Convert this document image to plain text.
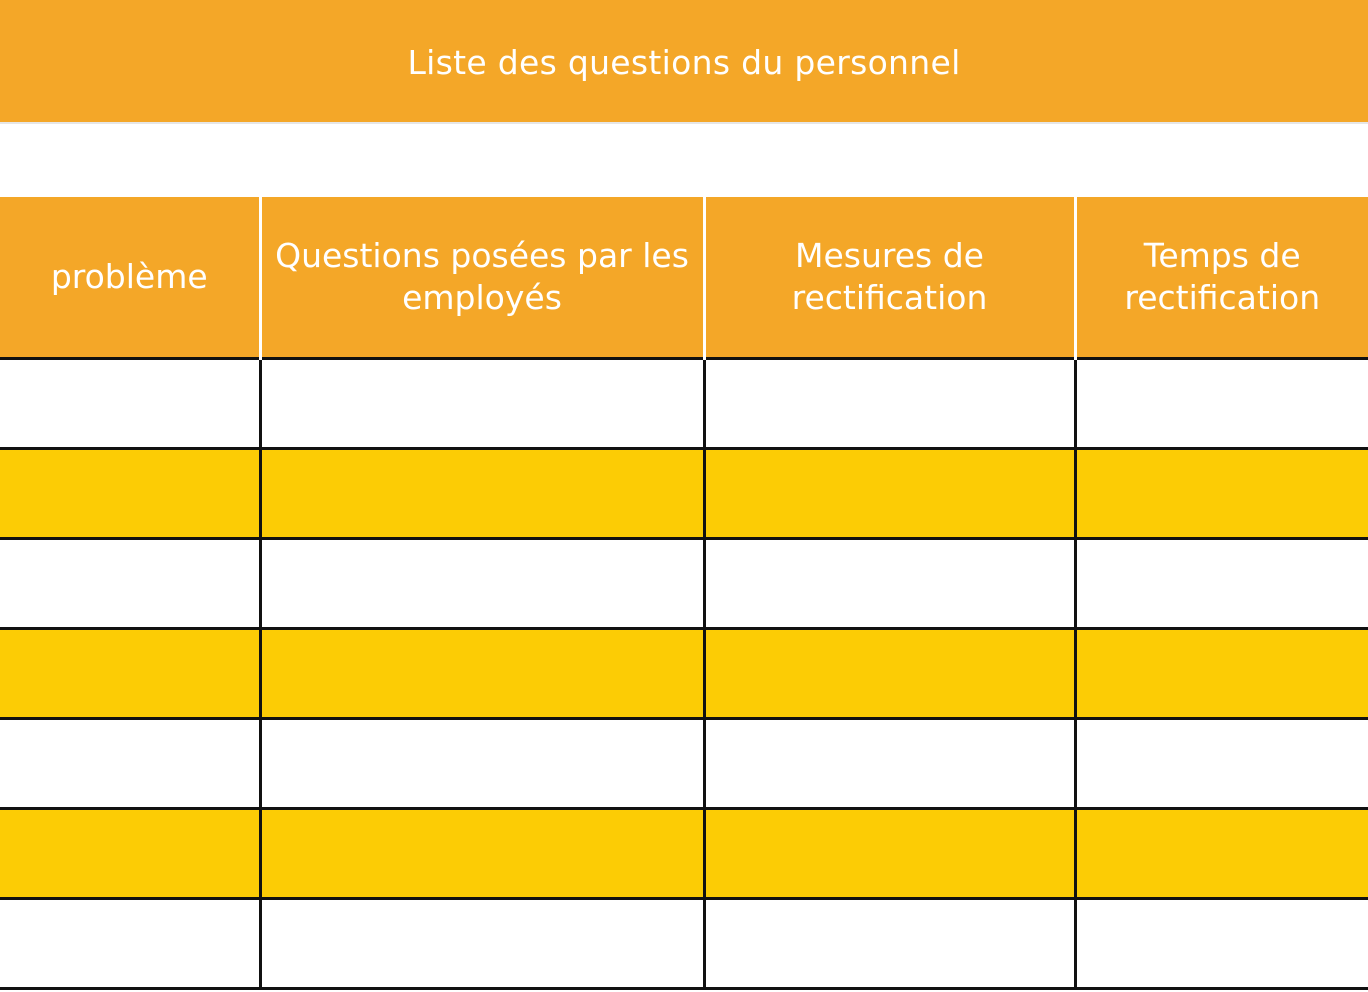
Liste des questions du personnel
problème	Questions posées par les employés	Mesures de rectification	Temps de rectification
